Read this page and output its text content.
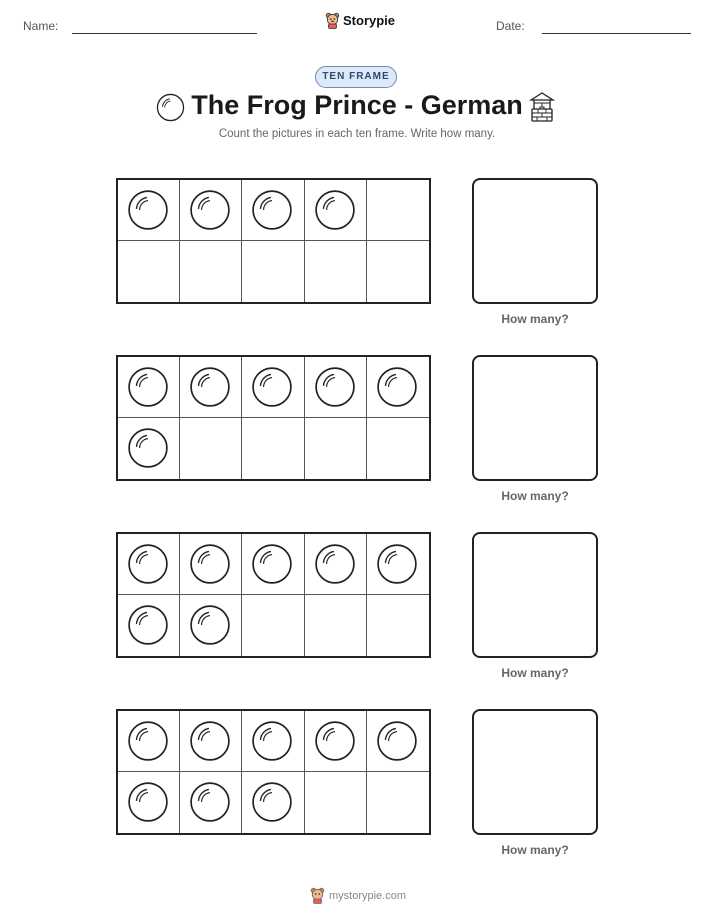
Name:	Storypie	Date:
TEN FRAME
The Frog Prince - German
Count the pictures in each ten frame. Write how many.
How many?
How many?
How many?
How many?
mystorypie.com
